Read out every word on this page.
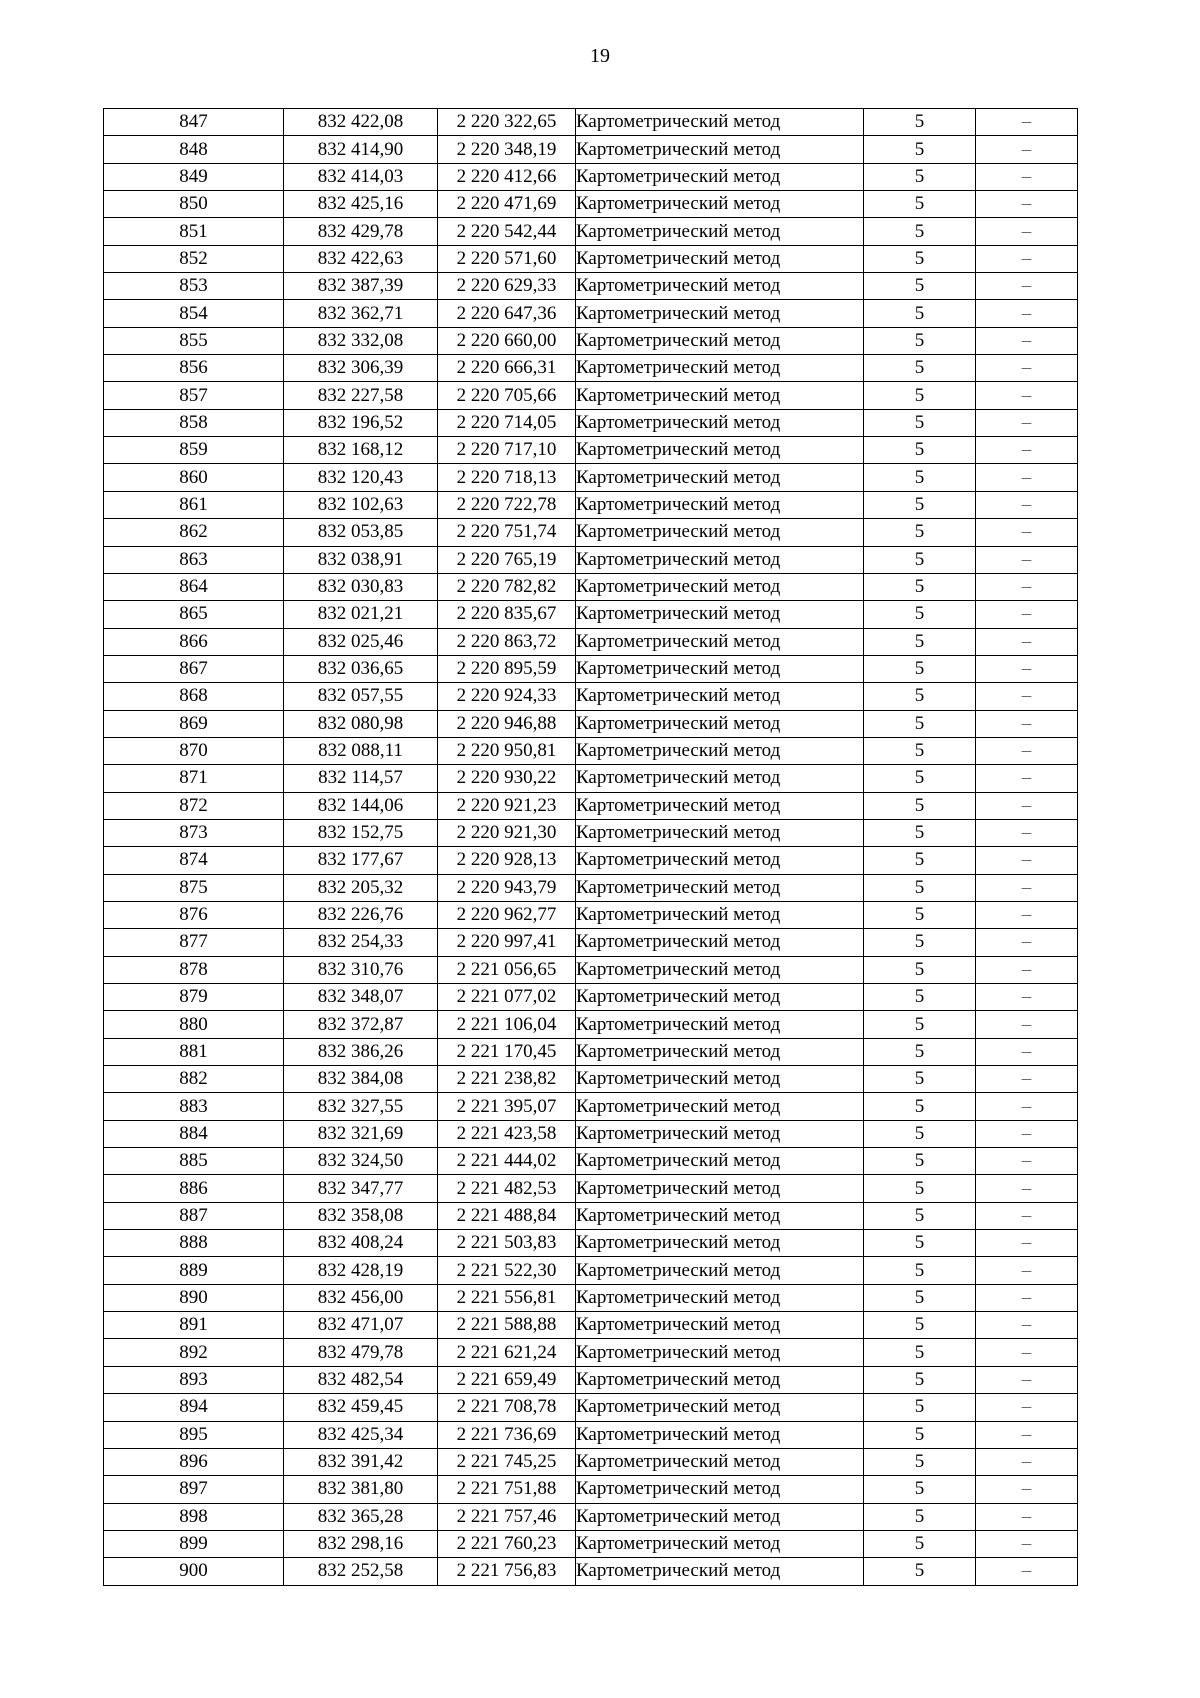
19
847	832 422,08	2 220 322,65	Картометрический метод	5	–
848	832 414,90	2 220 348,19	Картометрический метод	5	–
849	832 414,03	2 220 412,66	Картометрический метод	5	–
850	832 425,16	2 220 471,69	Картометрический метод	5	–
851	832 429,78	2 220 542,44	Картометрический метод	5	–
852	832 422,63	2 220 571,60	Картометрический метод	5	–
853	832 387,39	2 220 629,33	Картометрический метод	5	–
854	832 362,71	2 220 647,36	Картометрический метод	5	–
855	832 332,08	2 220 660,00	Картометрический метод	5	–
856	832 306,39	2 220 666,31	Картометрический метод	5	–
857	832 227,58	2 220 705,66	Картометрический метод	5	–
858	832 196,52	2 220 714,05	Картометрический метод	5	–
859	832 168,12	2 220 717,10	Картометрический метод	5	–
860	832 120,43	2 220 718,13	Картометрический метод	5	–
861	832 102,63	2 220 722,78	Картометрический метод	5	–
862	832 053,85	2 220 751,74	Картометрический метод	5	–
863	832 038,91	2 220 765,19	Картометрический метод	5	–
864	832 030,83	2 220 782,82	Картометрический метод	5	–
865	832 021,21	2 220 835,67	Картометрический метод	5	–
866	832 025,46	2 220 863,72	Картометрический метод	5	–
867	832 036,65	2 220 895,59	Картометрический метод	5	–
868	832 057,55	2 220 924,33	Картометрический метод	5	–
869	832 080,98	2 220 946,88	Картометрический метод	5	–
870	832 088,11	2 220 950,81	Картометрический метод	5	–
871	832 114,57	2 220 930,22	Картометрический метод	5	–
872	832 144,06	2 220 921,23	Картометрический метод	5	–
873	832 152,75	2 220 921,30	Картометрический метод	5	–
874	832 177,67	2 220 928,13	Картометрический метод	5	–
875	832 205,32	2 220 943,79	Картометрический метод	5	–
876	832 226,76	2 220 962,77	Картометрический метод	5	–
877	832 254,33	2 220 997,41	Картометрический метод	5	–
878	832 310,76	2 221 056,65	Картометрический метод	5	–
879	832 348,07	2 221 077,02	Картометрический метод	5	–
880	832 372,87	2 221 106,04	Картометрический метод	5	–
881	832 386,26	2 221 170,45	Картометрический метод	5	–
882	832 384,08	2 221 238,82	Картометрический метод	5	–
883	832 327,55	2 221 395,07	Картометрический метод	5	–
884	832 321,69	2 221 423,58	Картометрический метод	5	–
885	832 324,50	2 221 444,02	Картометрический метод	5	–
886	832 347,77	2 221 482,53	Картометрический метод	5	–
887	832 358,08	2 221 488,84	Картометрический метод	5	–
888	832 408,24	2 221 503,83	Картометрический метод	5	–
889	832 428,19	2 221 522,30	Картометрический метод	5	–
890	832 456,00	2 221 556,81	Картометрический метод	5	–
891	832 471,07	2 221 588,88	Картометрический метод	5	–
892	832 479,78	2 221 621,24	Картометрический метод	5	–
893	832 482,54	2 221 659,49	Картометрический метод	5	–
894	832 459,45	2 221 708,78	Картометрический метод	5	–
895	832 425,34	2 221 736,69	Картометрический метод	5	–
896	832 391,42	2 221 745,25	Картометрический метод	5	–
897	832 381,80	2 221 751,88	Картометрический метод	5	–
898	832 365,28	2 221 757,46	Картометрический метод	5	–
899	832 298,16	2 221 760,23	Картометрический метод	5	–
900	832 252,58	2 221 756,83	Картометрический метод	5	–
